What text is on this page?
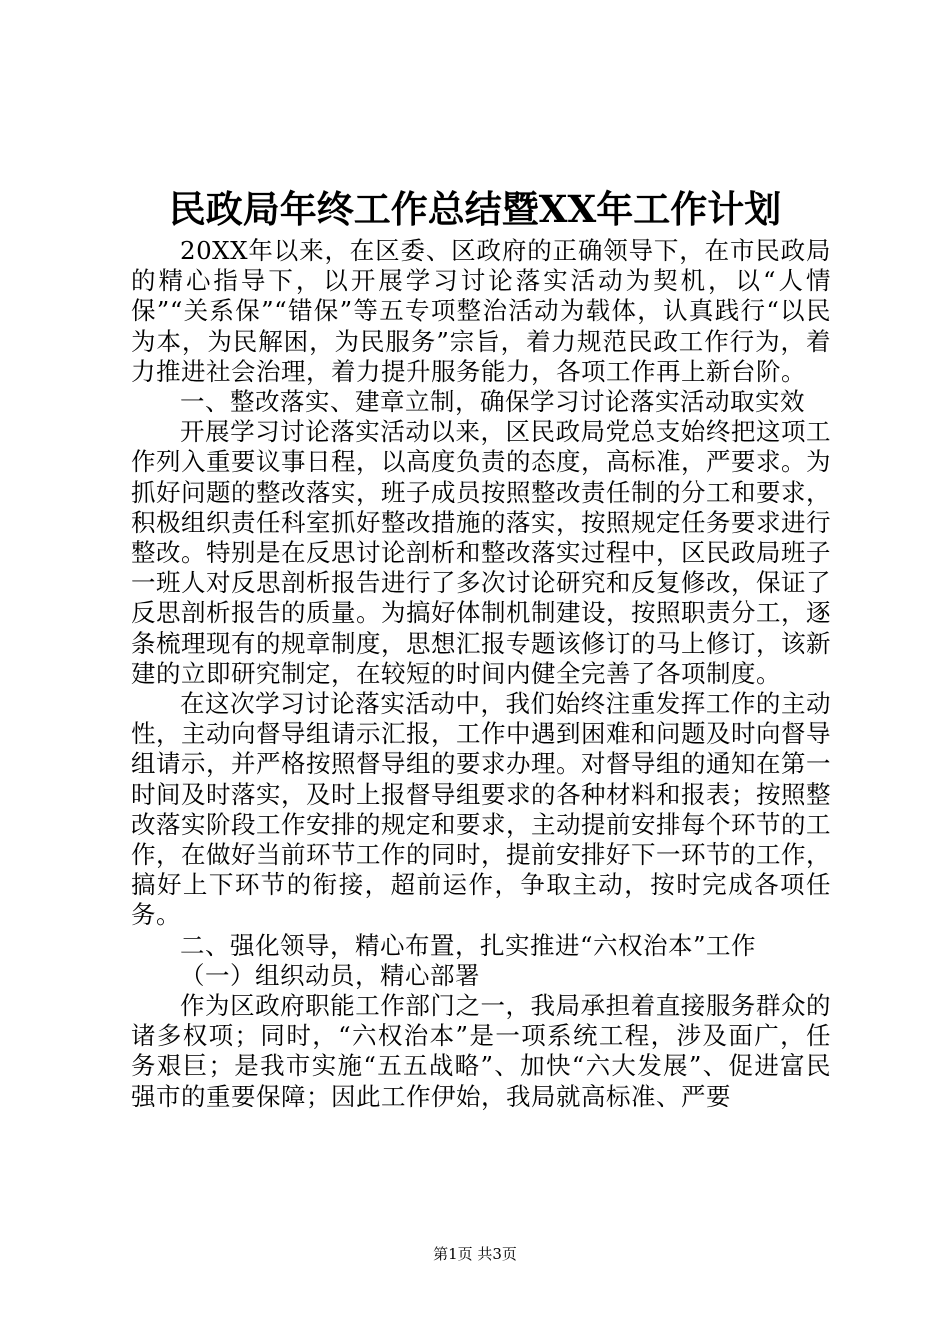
民政局年终工作总结暨XX年工作计划

20XX年以来，在区委、区政府的正确领导下，在市民政局的精心指导下，以开展学习讨论落实活动为契机，以“人情保”“关系保”“错保”等五专项整治活动为载体，认真践行“以民为本，为民解困，为民服务”宗旨，着力规范民政工作行为，着力推进社会治理，着力提升服务能力，各项工作再上新台阶。

一、整改落实、建章立制，确保学习讨论落实活动取实效

开展学习讨论落实活动以来，区民政局党总支始终把这项工作列入重要议事日程，以高度负责的态度，高标准，严要求。为抓好问题的整改落实，班子成员按照整改责任制的分工和要求，积极组织责任科室抓好整改措施的落实，按照规定任务要求进行整改。特别是在反思讨论剖析和整改落实过程中，区民政局班子一班人对反思剖析报告进行了多次讨论研究和反复修改，保证了反思剖析报告的质量。为搞好体制机制建设，按照职责分工，逐条梳理现有的规章制度，思想汇报专题该修订的马上修订，该新建的立即研究制定，在较短的时间内健全完善了各项制度。

在这次学习讨论落实活动中，我们始终注重发挥工作的主动性，主动向督导组请示汇报，工作中遇到困难和问题及时向督导组请示，并严格按照督导组的要求办理。对督导组的通知在第一时间及时落实，及时上报督导组要求的各种材料和报表；按照整改落实阶段工作安排的规定和要求，主动提前安排每个环节的工作，在做好当前环节工作的同时，提前安排好下一环节的工作，搞好上下环节的衔接，超前运作，争取主动，按时完成各项任务。

二、强化领导，精心布置，扎实推进“六权治本”工作

（一）组织动员，精心部署

作为区政府职能工作部门之一，我局承担着直接服务群众的诸多权项；同时，“六权治本”是一项系统工程，涉及面广，任务艰巨；是我市实施“五五战略”、加快“六大发展”、促进富民强市的重要保障；因此工作伊始，我局就高标准、严要

第1页 共3页
